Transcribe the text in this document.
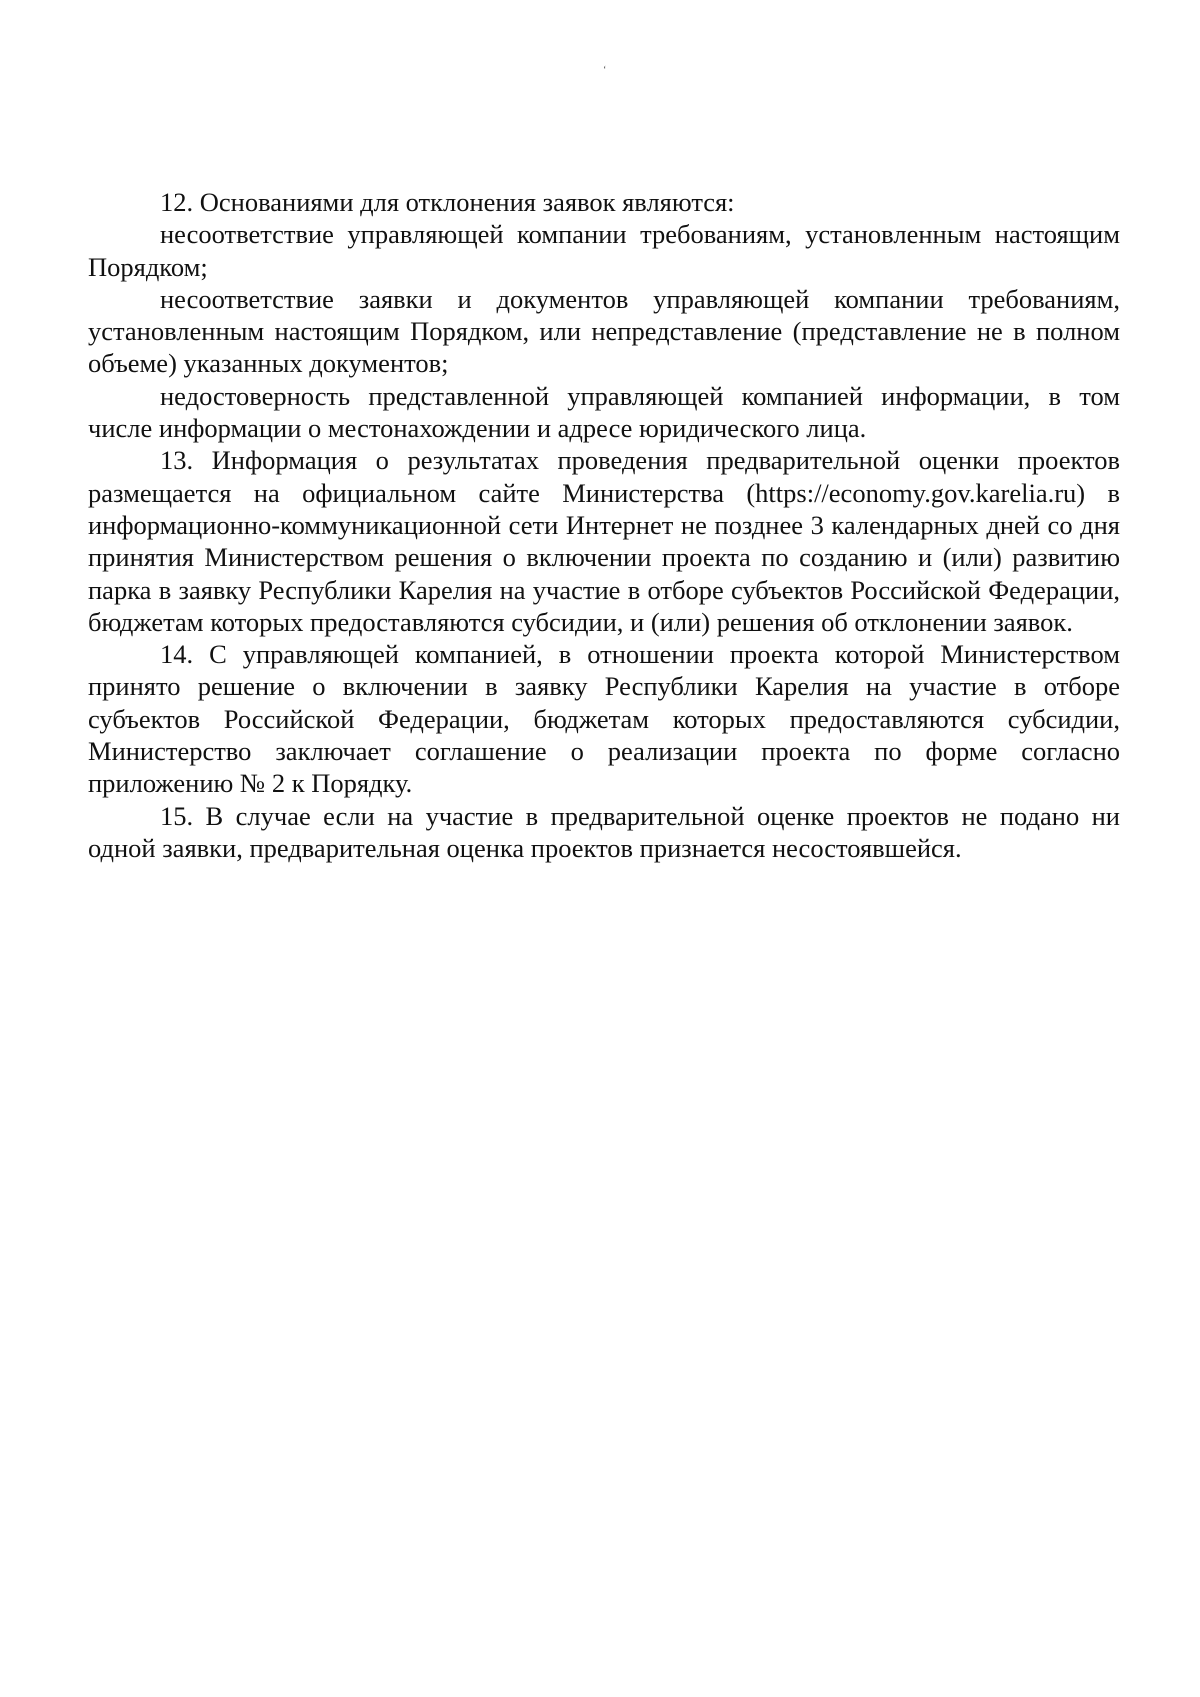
‘

12. Основаниями для отклонения заявок являются:

несоответствие управляющей компании требованиям, установленным настоящим Порядком;

несоответствие заявки и документов управляющей компании требованиям, установленным настоящим Порядком, или непредставление (представление не в полном объеме) указанных документов;

недостоверность представленной управляющей компанией информации, в том числе информации о местонахождении и адресе юридического лица.

13. Информация о результатах проведения предварительной оценки проектов размещается на официальном сайте Министерства (https://economy.gov.karelia.ru) в информационно-коммуникационной сети Интернет не позднее 3 календарных дней со дня принятия Министерством решения о включении проекта по созданию и (или) развитию парка в заявку Республики Карелия на участие в отборе субъектов Российской Федерации, бюджетам которых предоставляются субсидии, и (или) решения об отклонении заявок.

14. С управляющей компанией, в отношении проекта которой Министерством принято решение о включении в заявку Республики Карелия на участие в отборе субъектов Российской Федерации, бюджетам которых предоставляются субсидии, Министерство заключает соглашение о реализации проекта по форме согласно приложению № 2 к Порядку.

15. В случае если на участие в предварительной оценке проектов не подано ни одной заявки, предварительная оценка проектов признается несостоявшейся.
